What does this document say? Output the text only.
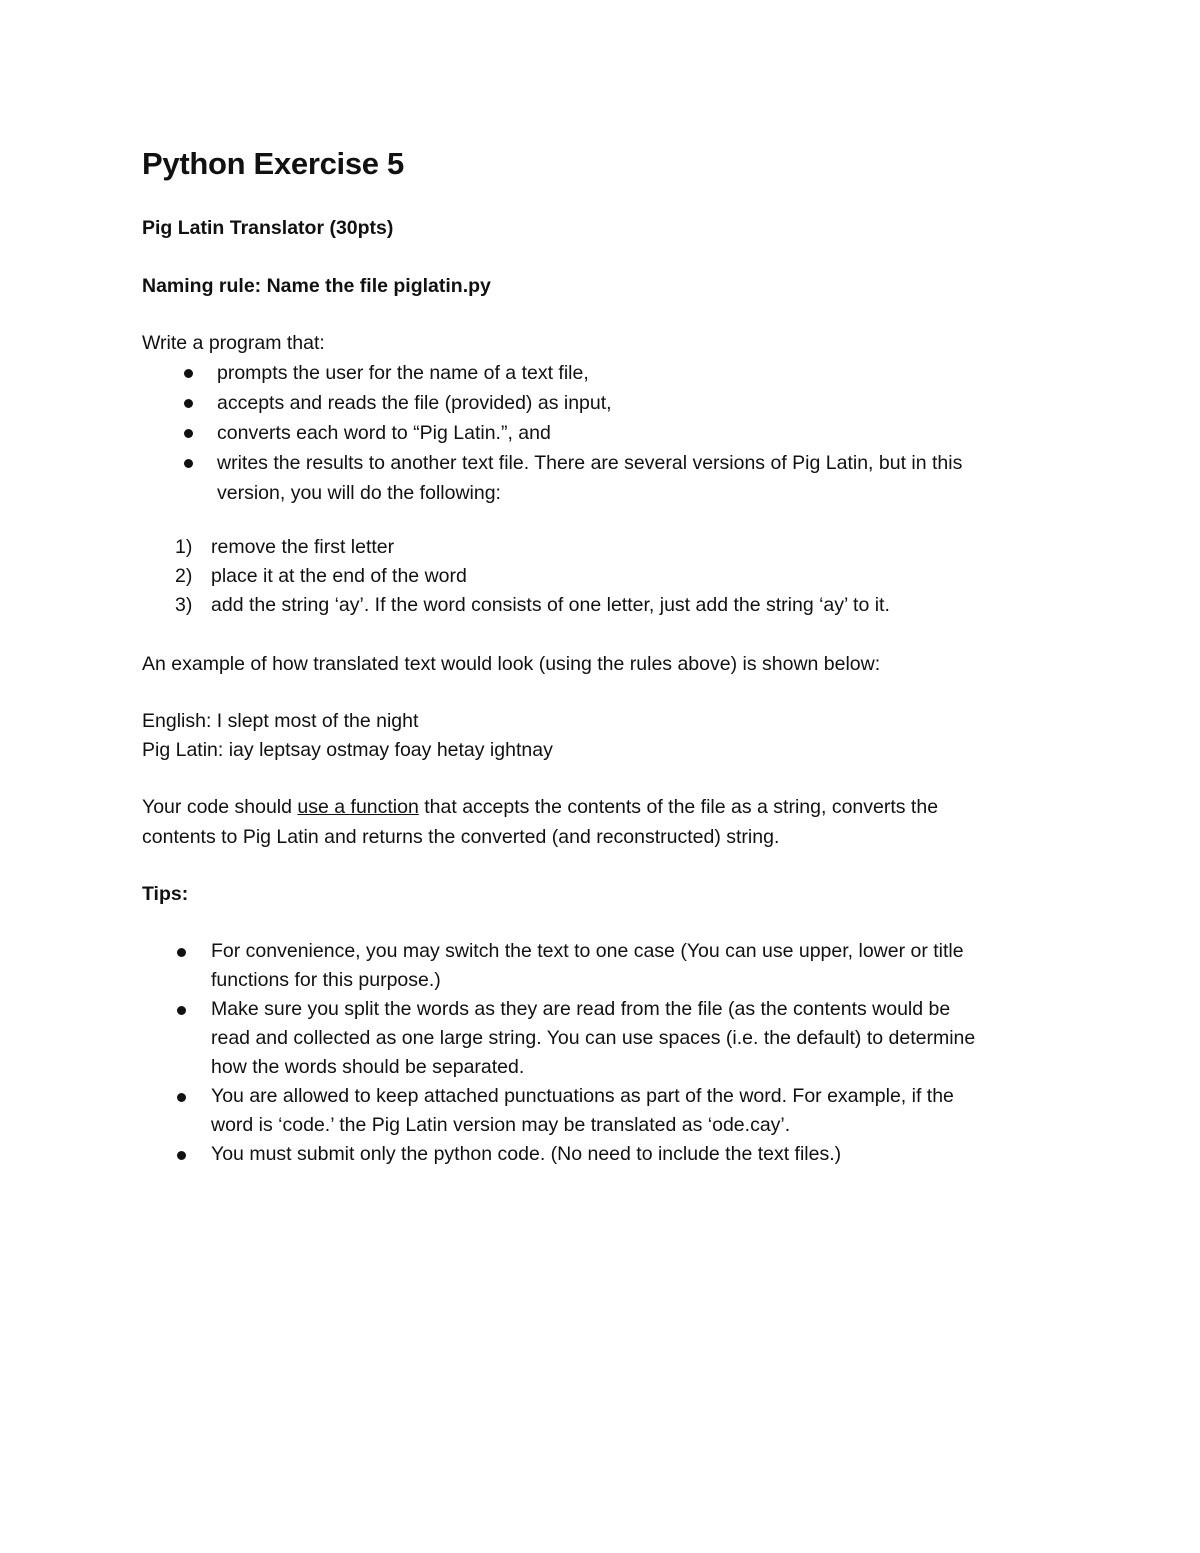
Python Exercise 5
Pig Latin Translator (30pts)
Naming rule: Name the file piglatin.py
Write a program that:
prompts the user for the name of a text file,
accepts and reads the file (provided) as input,
converts each word to “Pig Latin.”, and
writes the results to another text file. There are several versions of Pig Latin, but in this
version, you will do the following:
1) remove the first letter
2) place it at the end of the word
3) add the string ‘ay’. If the word consists of one letter, just add the string ‘ay’ to it.
An example of how translated text would look (using the rules above) is shown below:
English: I slept most of the night
Pig Latin: iay leptsay ostmay foay hetay ightnay
Your code should use a function that accepts the contents of the file as a string, converts the
contents to Pig Latin and returns the converted (and reconstructed) string.
Tips:
For convenience, you may switch the text to one case (You can use upper, lower or title
functions for this purpose.)
Make sure you split the words as they are read from the file (as the contents would be
read and collected as one large string. You can use spaces (i.e. the default) to determine
how the words should be separated.
You are allowed to keep attached punctuations as part of the word. For example, if the
word is ‘code.’ the Pig Latin version may be translated as ‘ode.cay’.
You must submit only the python code. (No need to include the text files.)
